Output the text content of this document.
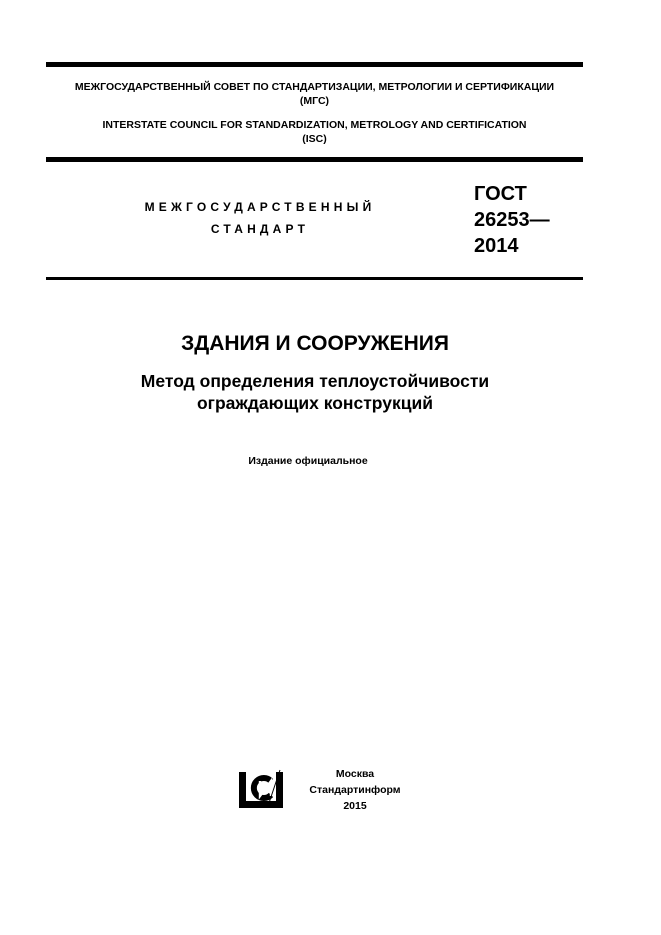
МЕЖГОСУДАРСТВЕННЫЙ СОВЕТ ПО СТАНДАРТИЗАЦИИ, МЕТРОЛОГИИ И СЕРТИФИКАЦИИ
(МГС)
INTERSTATE COUNCIL FOR STANDARDIZATION, METROLOGY AND CERTIFICATION
(ISC)
МЕЖГОСУДАРСТВЕННЫЙ
СТАНДАРТ
ГОСТ
26253—
2014
ЗДАНИЯ И СООРУЖЕНИЯ
Метод определения теплоустойчивости
ограждающих конструкций
Издание официальное
Москва
Стандартинформ
2015
